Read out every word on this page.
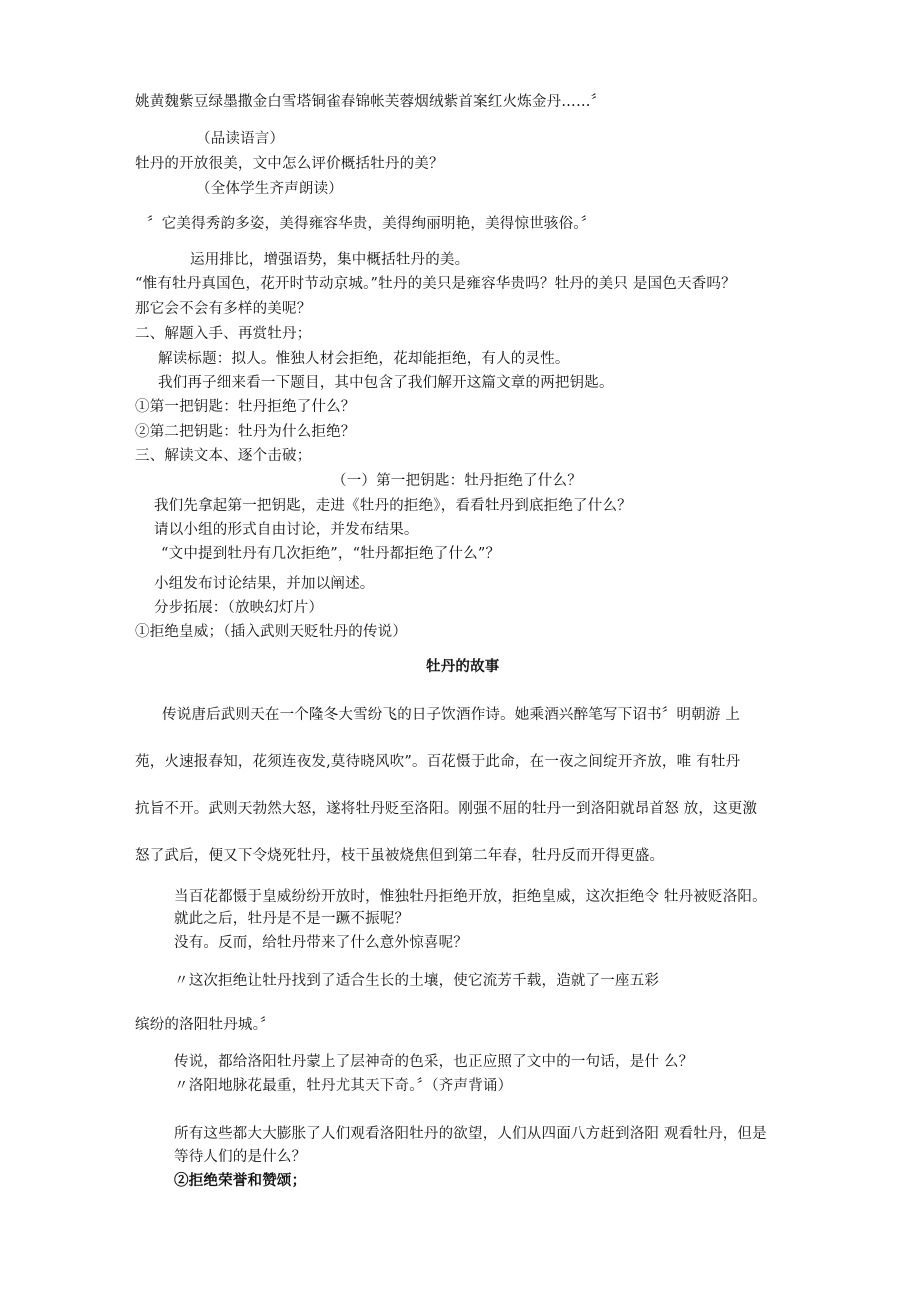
姚黄魏紫豆绿墨撒金白雪塔铜雀春锦帐芙蓉烟绒紫首案红火炼金丹……〞
（品读语言）
牡丹的开放很美，文中怎么评价概括牡丹的美？
（全体学生齐声朗读）
〞它美得秀韵多姿，美得雍容华贵，美得绚丽明艳，美得惊世骇俗。〞
运用排比，增强语势，集中概括牡丹的美。
“惟有牡丹真国色，花开时节动京城。”牡丹的美只是雍容华贵吗？牡丹的美只 是国色天香吗？
那它会不会有多样的美呢？
二、解题入手、再赏牡丹；
解读标题：拟人。惟独人材会拒绝，花却能拒绝，有人的灵性。
我们再子细来看一下题目，其中包含了我们解开这篇文章的两把钥匙。
①第一把钥匙：牡丹拒绝了什么？
②第二把钥匙：牡丹为什么拒绝？
三、解读文本、逐个击破；
（一）第一把钥匙：牡丹拒绝了什么？
我们先拿起第一把钥匙，走进《牡丹的拒绝》，看看牡丹到底拒绝了什么？
请以小组的形式自由讨论，并发布结果。
“文中提到牡丹有几次拒绝”，“牡丹都拒绝了什么”？
小组发布讨论结果，并加以阐述。
分步拓展：（放映幻灯片）
①拒绝皇威；（插入武则天贬牡丹的传说）
牡丹的故事
传说唐后武则天在一个隆冬大雪纷飞的日子饮酒作诗。她乘酒兴醉笔写下诏书〞明朝游 上
苑，火速报春知，花须连夜发,莫待晓风吹”。百花慑于此命，在一夜之间绽开齐放，唯 有牡丹
抗旨不开。武则天勃然大怒，遂将牡丹贬至洛阳。刚强不屈的牡丹一到洛阳就昂首怒 放，这更激
怒了武后，便又下令烧死牡丹，枝干虽被烧焦但到第二年春，牡丹反而开得更盛。
当百花都慑于皇威纷纷开放时，惟独牡丹拒绝开放，拒绝皇威，这次拒绝令 牡丹被贬洛阳。
就此之后，牡丹是不是一蹶不振呢？
没有。反而，给牡丹带来了什么意外惊喜呢？
〃这次拒绝让牡丹找到了适合生长的土壤，使它流芳千载，造就了一座五彩
缤纷的洛阳牡丹城。〞
传说，都给洛阳牡丹蒙上了层神奇的色采，也正应照了文中的一句话，是什 么？
〃洛阳地脉花最重，牡丹尤其天下奇。〞（齐声背诵）
所有这些都大大膨胀了人们观看洛阳牡丹的欲望，人们从四面八方赶到洛阳 观看牡丹，但是
等待人们的是什么？
②拒绝荣誉和赞颂；
